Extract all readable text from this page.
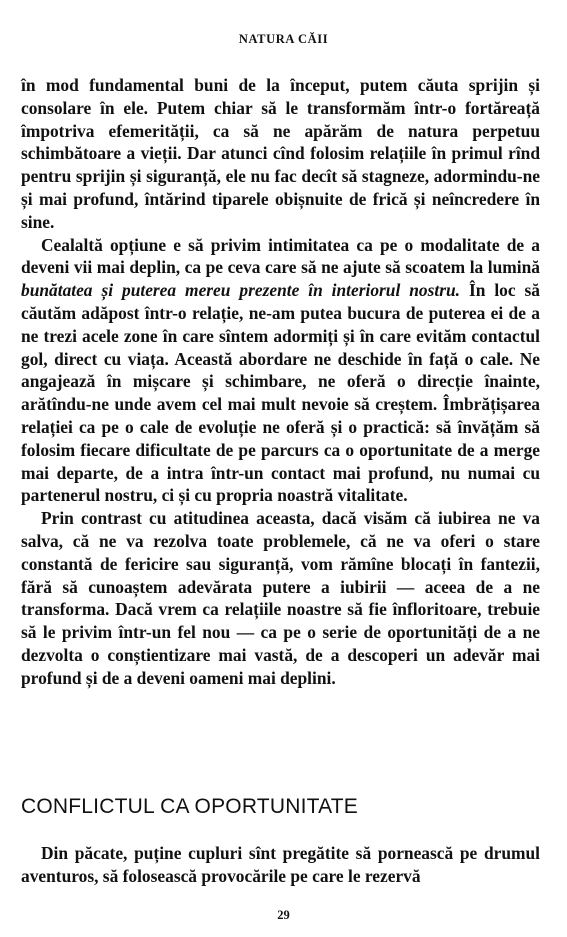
NATURA CĂII

în mod fundamental buni de la început, putem căuta sprijin și consolare în ele. Putem chiar să le transformăm într-o fortăreață împotriva efemerității, ca să ne apărăm de natura perpetuu schimbătoare a vieții. Dar atunci cînd folosim relațiile în primul rînd pentru sprijin și siguranță, ele nu fac decît să stagneze, adormindu-ne și mai profund, întărind tiparele obișnuite de frică și neîncredere în sine.

Cealaltă opțiune e să privim intimitatea ca pe o modalitate de a deveni vii mai deplin, ca pe ceva care să ne ajute să scoatem la lumină bunătatea și puterea mereu prezente în interiorul nostru. În loc să căutăm adăpost într-o relație, ne-am putea bucura de puterea ei de a ne trezi acele zone în care sîntem adormiți și în care evităm contactul gol, direct cu viața. Această abordare ne deschide în față o cale. Ne angajează în mișcare și schimbare, ne oferă o direcție înainte, arătîndu-ne unde avem cel mai mult nevoie să creștem. Îmbrățișarea relației ca pe o cale de evoluție ne oferă și o practică: să învățăm să folosim fiecare dificultate de pe parcurs ca o oportunitate de a merge mai departe, de a intra într-un contact mai profund, nu numai cu partenerul nostru, ci și cu propria noastră vitalitate.

Prin contrast cu atitudinea aceasta, dacă visăm că iubirea ne va salva, că ne va rezolva toate problemele, că ne va oferi o stare constantă de fericire sau siguranță, vom rămîne blocați în fantezii, fără să cunoaștem adevărata putere a iubirii — aceea de a ne transforma. Dacă vrem ca relațiile noastre să fie înfloritoare, trebuie să le privim într-un fel nou — ca pe o serie de oportunități de a ne dezvolta o conștientizare mai vastă, de a descoperi un adevăr mai profund și de a deveni oameni mai deplini.

CONFLICTUL CA OPORTUNITATE

Din păcate, puține cupluri sînt pregătite să pornească pe drumul aventuros, să folosească provocările pe care le rezervă

29
